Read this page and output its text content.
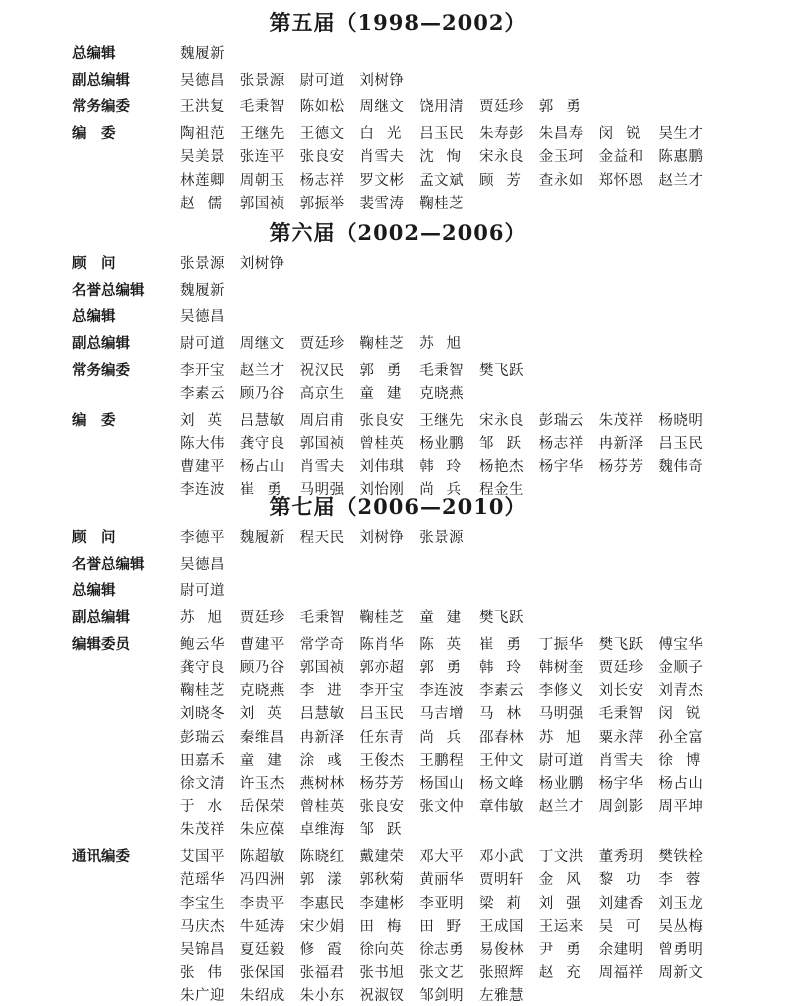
第五届（1998—2002）
总编辑	魏履新
副总编辑	吴德昌 张景源 尉可道 刘树铮
常务编委	王洪复 毛秉智 陈如松 周继文 饶用清 贾廷珍 郭勇
编　委	陶祖范 王继先 王德文 白光 吕玉民 朱寿彭 朱昌寿 闵锐 吴生才
吴美景 张连平 张良安 肖雪夫 沈恂 宋永良 金玉珂 金益和 陈惠鹏
林莲卿 周朝玉 杨志祥 罗文彬 孟文斌 顾芳 查永如 郑怀恩 赵兰才
赵儒 郭国祯 郭振举 裴雪涛 鞠桂芝
第六届（2002—2006）
顾　问	张景源 刘树铮
名誉总编辑 魏履新
总编辑	吴德昌
副总编辑	尉可道 周继文 贾廷珍 鞠桂芝 苏旭
常务编委	李开宝 赵兰才 祝汉民 郭勇 毛秉智 樊飞跃
李素云 顾乃谷 高京生 童建 克晓燕
编　委	刘英 吕慧敏 周启甫 张良安 王继先 宋永良 彭瑞云 朱茂祥 杨晓明
陈大伟 龚守良 郭国祯 曾桂英 杨业鹏 邹跃 杨志祥 冉新泽 吕玉民
曹建平 杨占山 肖雪夫 刘伟琪 韩玲 杨艳杰 杨宇华 杨芬芳 魏伟奇
李连波 崔勇 马明强 刘怡刚 尚兵 程金生
第七届（2006—2010）
顾　问	李德平 魏履新 程天民 刘树铮 张景源
名誉总编辑 吴德昌
总编辑	尉可道
副总编辑	苏旭 贾廷珍 毛秉智 鞠桂芝 童建 樊飞跃
编辑委员	鲍云华 曹建平 常学奇 陈肖华 陈英 崔勇 丁振华 樊飞跃 傅宝华
龚守良 顾乃谷 郭国祯 郭亦超 郭勇 韩玲 韩树奎 贾廷珍 金顺子
鞠桂芝 克晓燕 李进 李开宝 李连波 李素云 李修义 刘长安 刘青杰
刘晓冬 刘英 吕慧敏 吕玉民 马吉增 马林 马明强 毛秉智 闵锐
彭瑞云 秦维昌 冉新泽 任东青 尚兵 邵春林 苏旭 粟永萍 孙全富
田嘉禾 童建 涂彧 王俊杰 王鹏程 王仲文 尉可道 肖雪夫 徐博
徐文清 许玉杰 燕树林 杨芬芳 杨国山 杨文峰 杨业鹏 杨宇华 杨占山
于水 岳保荣 曾桂英 张良安 张文仲 章伟敏 赵兰才 周剑影 周平坤
朱茂祥 朱应葆 卓维海 邹跃
通讯编委	艾国平 陈超敏 陈晓红 戴建荣 邓大平 邓小武 丁文洪 董秀玥 樊铁栓
范瑶华 冯四洲 郭漾 郭秋菊 黄丽华 贾明轩 金风 黎功 李蓉
李宝生 李贵平 李惠民 李建彬 李亚明 梁莉 刘强 刘建香 刘玉龙
马庆杰 牛延涛 宋少娟 田梅 田野 王成国 王运来 吴可 吴丛梅
吴锦昌 夏廷毅 修霞 徐向英 徐志勇 易俊林 尹勇 余建明 曾勇明
张伟 张保国 张福君 张书旭 张文艺 张照辉 赵充 周福祥 周新文
朱广迎 朱绍成 朱小东 祝淑钗 邹剑明 左雅慧
